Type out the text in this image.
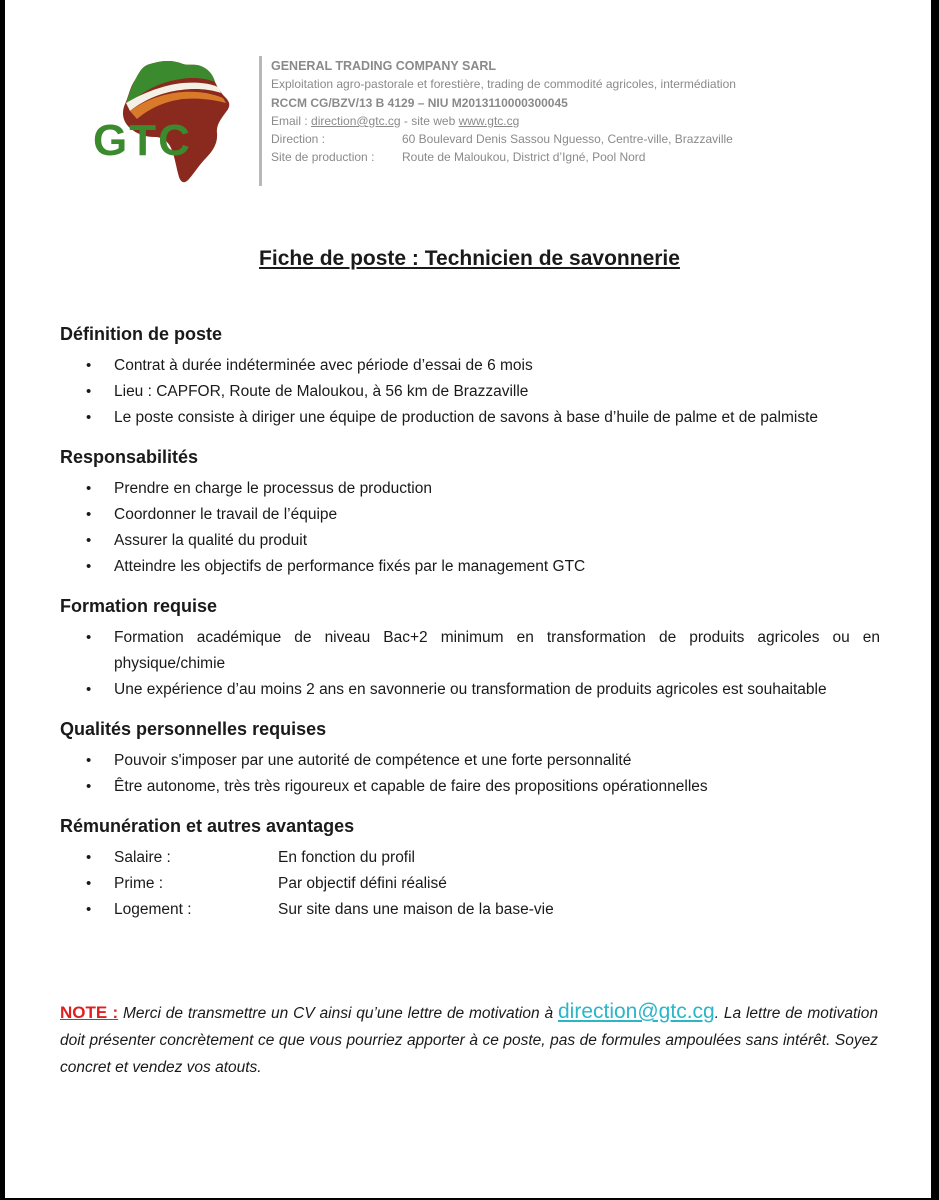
GTC
GENERAL TRADING COMPANY SARL
Exploitation agro-pastorale et forestière, trading de commodité agricoles, intermédiation
RCCM CG/BZV/13 B 4129 – NIU M2013110000300045
Email : direction@gtc.cg - site web www.gtc.cg
Direction :	60 Boulevard Denis Sassou Nguesso, Centre-ville, Brazzaville
Site de production : Route de Maloukou, District d’Igné, Pool Nord
Fiche de poste : Technicien de savonnerie
Définition de poste
• Contrat à durée indéterminée avec période d’essai de 6 mois
• Lieu : CAPFOR, Route de Maloukou, à 56 km de Brazzaville
• Le poste consiste à diriger une équipe de production de savons à base d’huile de palme et de palmiste
Responsabilités
• Prendre en charge le processus de production
• Coordonner le travail de l’équipe
• Assurer la qualité du produit
• Atteindre les objectifs de performance fixés par le management GTC
Formation requise
• Formation académique de niveau Bac+2 minimum en transformation de produits agricoles ou en physique/chimie
• Une expérience d’au moins 2 ans en savonnerie ou transformation de produits agricoles est souhaitable
Qualités personnelles requises
• Pouvoir s'imposer par une autorité de compétence et une forte personnalité
• Être autonome, très très rigoureux et capable de faire des propositions opérationnelles
Rémunération et autres avantages
• Salaire :	En fonction du profil
• Prime :	Par objectif défini réalisé
• Logement :	Sur site dans une maison de la base-vie
NOTE : Merci de transmettre un CV ainsi qu’une lettre de motivation à direction@gtc.cg. La lettre de motivation doit présenter concrètement ce que vous pourriez apporter à ce poste, pas de formules ampoulées sans intérêt. Soyez concret et vendez vos atouts.
